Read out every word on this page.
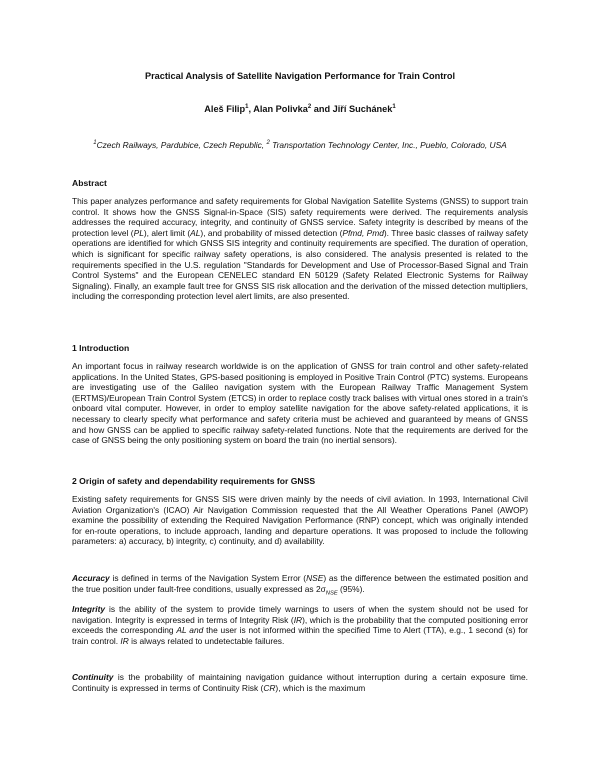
Practical Analysis of Satellite Navigation Performance for Train Control
Aleš Filip$^1$, Alan Polivka$^2$ and Jiří Suchánek$^1$
$^1$Czech Railways, Pardubice, Czech Republic, $^2$ Transportation Technology Center, Inc., Pueblo, Colorado, USA
Abstract

This paper analyzes performance and safety requirements for Global Navigation Satellite Systems (GNSS) to support train control. It shows how the GNSS Signal-in-Space (SIS) safety requirements were derived. The requirements analysis addresses the required accuracy, integrity, and continuity of GNSS service. Safety integrity is described by means of the protection level (PL), alert limit (AL), and probability of missed detection (Pfmd, Pmd). Three basic classes of railway safety operations are identified for which GNSS SIS integrity and continuity requirements are specified. The duration of operation, which is significant for specific railway safety operations, is also considered. The analysis presented is related to the requirements specified in the U.S. regulation "Standards for Development and Use of Processor-Based Signal and Train Control Systems" and the European CENELEC standard EN 50129 (Safety Related Electronic Systems for Railway Signaling). Finally, an example fault tree for GNSS SIS risk allocation and the derivation of the missed detection multipliers, including the corresponding protection level alert limits, are also presented.

1 Introduction

An important focus in railway research worldwide is on the application of GNSS for train control and other safety-related applications. In the United States, GPS-based positioning is employed in Positive Train Control (PTC) systems. Europeans are investigating use of the Galileo navigation system with the European Railway Traffic Management System (ERTMS)/European Train Control System (ETCS) in order to replace costly track balises with virtual ones stored in a train's onboard vital computer. However, in order to employ satellite navigation for the above safety-related applications, it is necessary to clearly specify what performance and safety criteria must be achieved and guaranteed by means of GNSS and how GNSS can be applied to specific railway safety-related functions. Note that the requirements are derived for the case of GNSS being the only positioning system on board the train (no inertial sensors).

2 Origin of safety and dependability requirements for GNSS

Existing safety requirements for GNSS SIS were driven mainly by the needs of civil aviation. In 1993, International Civil Aviation Organization's (ICAO) Air Navigation Commission requested that the All Weather Operations Panel (AWOP) examine the possibility of extending the Required Navigation Performance (RNP) concept, which was originally intended for en-route operations, to include approach, landing and departure operations. It was proposed to include the following parameters: a) accuracy, b) integrity, c) continuity, and d) availability.

Accuracy is defined in terms of the Navigation System Error (NSE) as the difference between the estimated position and the true position under fault-free conditions, usually expressed as $2\sigma_{NSE}$ (95%).

Integrity is the ability of the system to provide timely warnings to users of when the system should not be used for navigation. Integrity is expressed in terms of Integrity Risk (IR), which is the probability that the computed positioning error exceeds the corresponding AL and the user is not informed within the specified Time to Alert (TTA), e.g., 1 second (s) for train control. IR is always related to undetectable failures.

Continuity is the probability of maintaining navigation guidance without interruption during a certain exposure time. Continuity is expressed in terms of Continuity Risk (CR), which is the maximum
